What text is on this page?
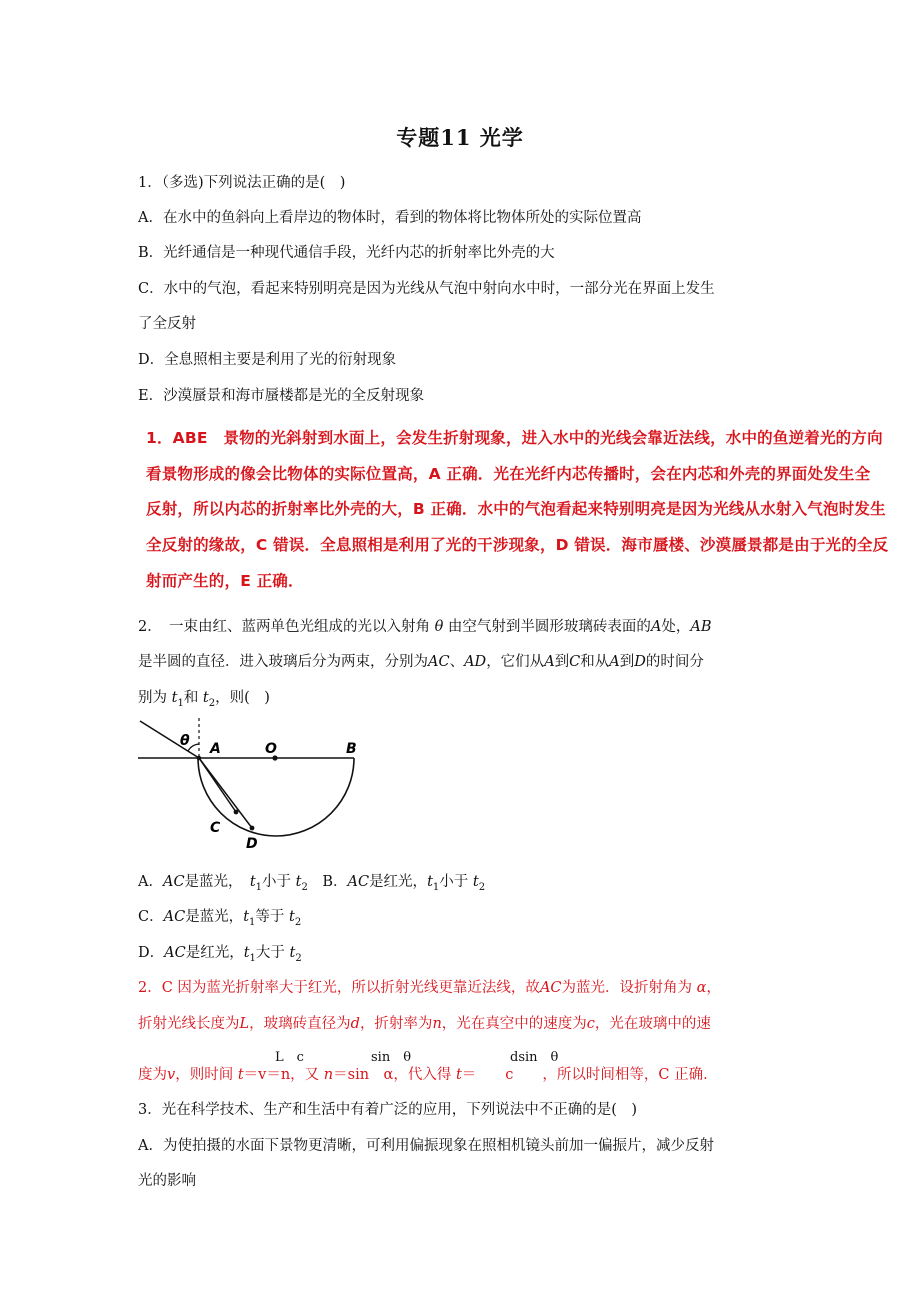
专题11 光学
1．（多选)下列说法正确的是(　)
A．在水中的鱼斜向上看岸边的物体时，看到的物体将比物体所处的实际位置高
B．光纤通信是一种现代通信手段，光纤内芯的折射率比外壳的大
C．水中的气泡，看起来特别明亮是因为光线从气泡中射向水中时，一部分光在界面上发生
了全反射
D．全息照相主要是利用了光的衍射现象
E．沙漠蜃景和海市蜃楼都是光的全反射现象
1．ABE　景物的光斜射到水面上，会发生折射现象，进入水中的光线会靠近法线，水中的鱼逆着光的方向
看景物形成的像会比物体的实际位置高，A 正确．光在光纤内芯传播时，会在内芯和外壳的界面处发生全
反射，所以内芯的折射率比外壳的大，B 正确．水中的气泡看起来特别明亮是因为光线从水射入气泡时发生
全反射的缘故，C 错误．全息照相是利用了光的干涉现象，D 错误．海市蜃楼、沙漠蜃景都是由于光的全反
射而产生的，E 正确．
2．　一束由红、蓝两单色光组成的光以入射角 θ 由空气射到半圆形玻璃砖表面的A处，AB
是半圆的直径．进入玻璃后分为两束，分别为AC、AD，它们从A到C和从A到D的时间分
别为 $t_1$和 $t_2$，则(　)
θ A	O	B
C
D
A．AC是蓝光，　$t_1$小于 $t_2$　B．AC是红光，$t_1$小于 $t_2$
C．AC是蓝光，$t_1$等于 $t_2$
D．AC是红光，$t_1$大于 $t_2$
2．C 因为蓝光折射率大于红光，所以折射光线更靠近法线，故AC为蓝光．设折射角为 α，
折射光线长度为L，玻璃砖直径为d，折射率为n，光在真空中的速度为c，光在玻璃中的速
L　c	sin　θ	dsin　θ
度为v，则时间 t＝v＝n，又 n＝sin　α，代入得 t＝　　c　　，所以时间相等，C 正确．
3．光在科学技术、生产和生活中有着广泛的应用，下列说法中不正确的是(　)
A．为使拍摄的水面下景物更清晰，可利用偏振现象在照相机镜头前加一偏振片，减少反射
光的影响
